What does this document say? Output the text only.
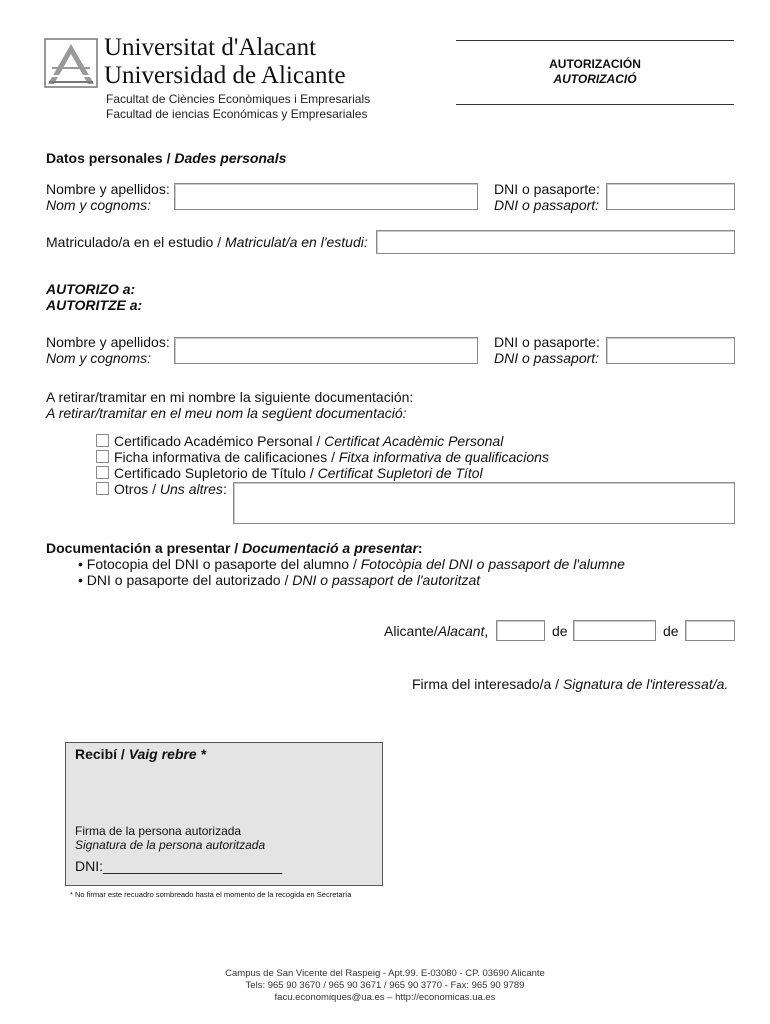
Universitat d'Alacant
Universidad de Alicante
Facultat de Ciències Econòmiques i Empresarials
Facultad de iencias Económicas y Empresariales
AUTORIZACIÓN
AUTORIZACIÓ
Datos personales / Dades personals
Nombre y apellidos:
Nom y cognoms:
DNI o pasaporte:
DNI o passaport:
Matriculado/a en el estudio / Matriculat/a en l'estudi:
AUTORIZO a:
AUTORITZE a:
Nombre y apellidos:
Nom y cognoms:
DNI o pasaporte:
DNI o passaport:
A retirar/tramitar en mi nombre la siguiente documentación:
A retirar/tramitar en el meu nom la següent documentació:
Certificado Académico Personal / Certificat Acadèmic Personal
Ficha informativa de calificaciones / Fitxa informativa de qualificacions
Certificado Supletorio de Título / Certificat Supletori de Títol
Otros / Uns altres:
Documentación a presentar / Documentació a presentar:
• Fotocopia del DNI o pasaporte del alumno / Fotocòpia del DNI o passaport de l'alumne
• DNI o pasaporte del autorizado / DNI o passaport de l'autoritzat
Alicante/Alacant,	de	de
Firma del interesado/a / Signatura de l'interessat/a.
Recibí / Vaig rebre *
Firma de la persona autorizada
Signatura de la persona autoritzada
DNI:_______________________
* No firmar este recuadro sombreado hasta el momento de la recogida en Secretaría
Campus de San Vicente del Raspeig - Apt.99. E-03080 - CP. 03690 Alicante
Tels: 965 90 3670 / 965 90 3671 / 965 90 3770 - Fax: 965 90 9789
facu.economiques@ua.es – http://economicas.ua.es
